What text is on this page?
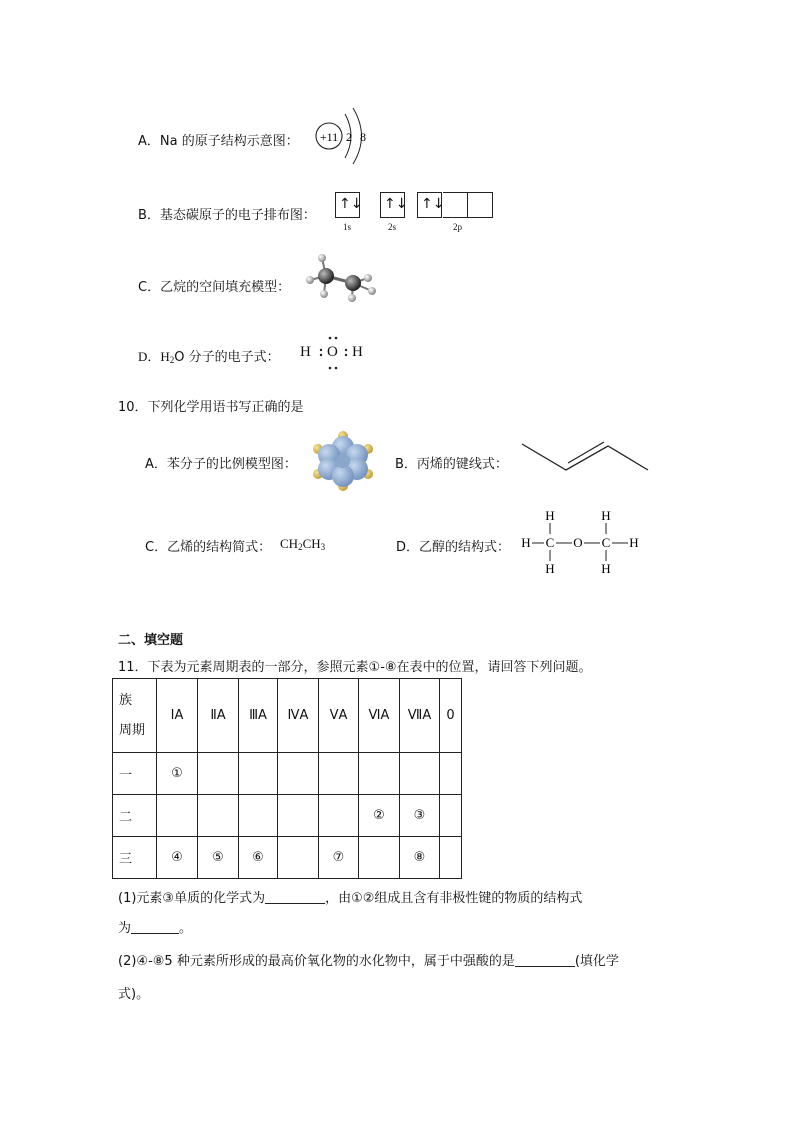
A．Na 的原子结构示意图： +11 2 8
B．基态碳原子的电子排布图：
↑↓ ↑↓ ↑↓
1s	2s	2p
C．乙烷的空间填充模型：
D．$H_2O$ 分子的电子式： H O H
10．下列化学用语书写正确的是
A．苯分子的比例模型图：	B．丙烯的键线式：
C．乙烯的结构简式： $CH_2CH_3$	D．乙醇的结构式：
H	H
H C O C H
H	H
二、填空题
11．下表为元素周期表的一部分，参照元素①-⑧在表中的位置，请回答下列问题。
族
周期	ⅠA	ⅡA	ⅢA	ⅣA	ⅤA	ⅥA	ⅦA	0
一	①							
二						②	③	
三	④	⑤	⑥		⑦		⑧	
(1)元素③单质的化学式为	，由①②组成且含有非极性键的物质的结构式
为	。
(2)④-⑧5 种元素所形成的最高价氧化物的水化物中，属于中强酸的是	(填化学
式)。
